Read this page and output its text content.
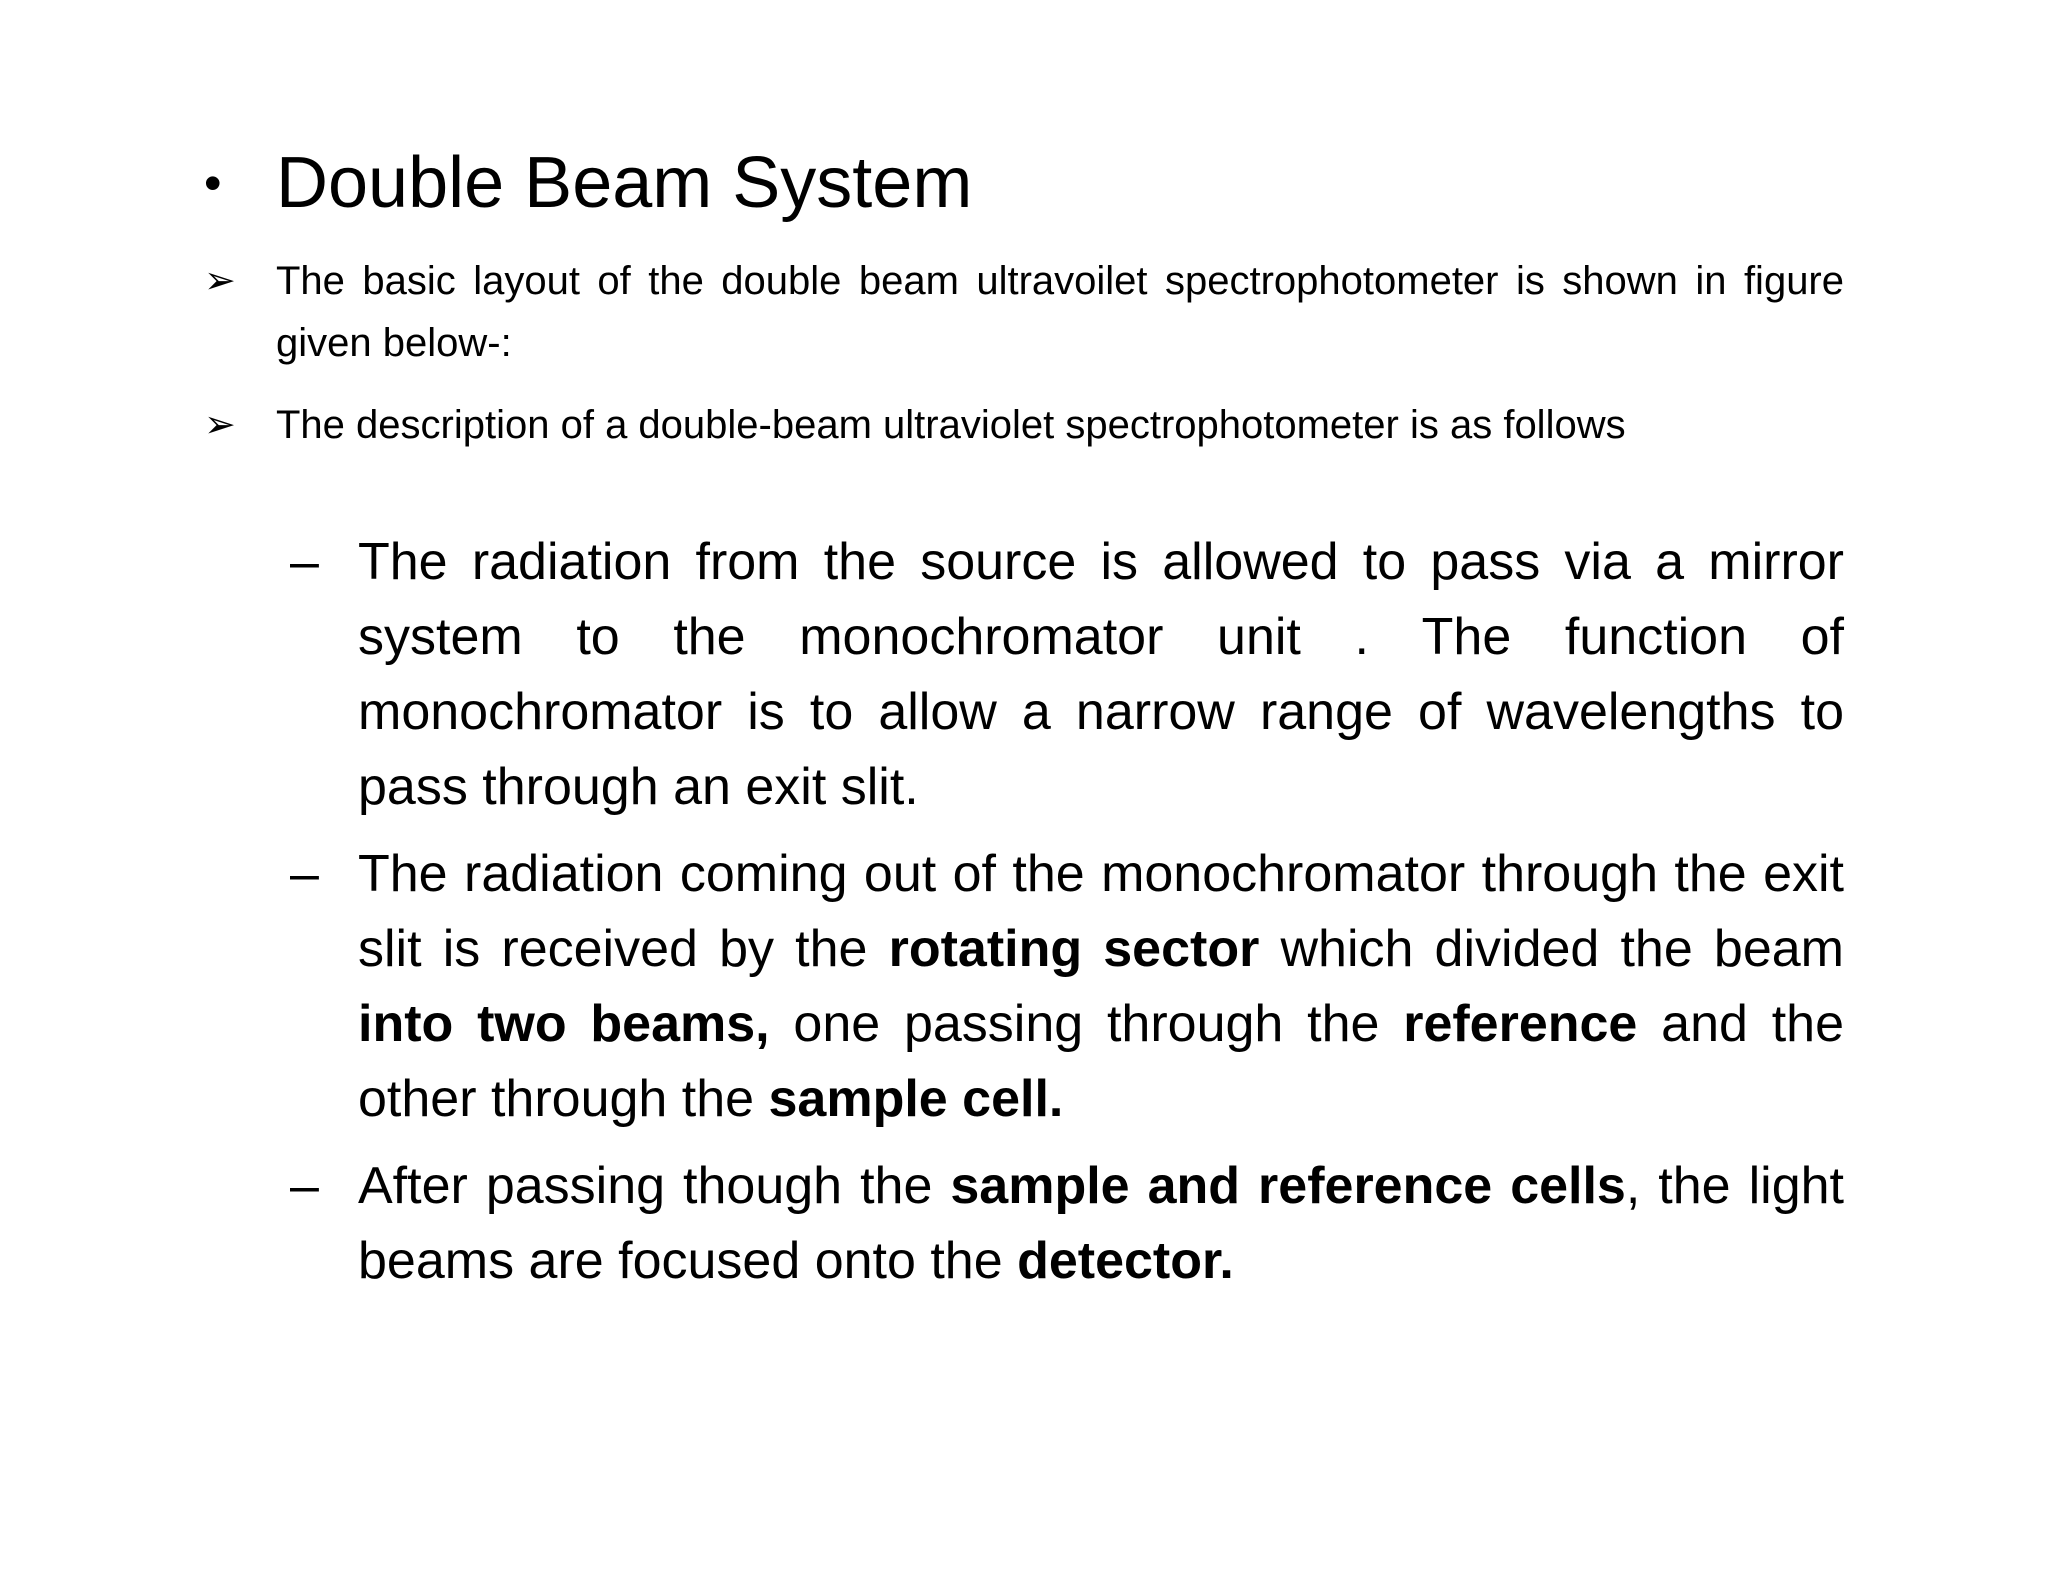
• Double Beam System
➢	The basic layout of the double beam ultravoilet spectrophotometer is shown in figure given below-:
➢	The description of a double-beam ultraviolet spectrophotometer is as follows
– The radiation from the source is allowed to pass via a mirror system to the monochromator unit . The function of monochromator is to allow a narrow range of wavelengths to pass through an exit slit.
– The radiation coming out of the monochromator through the exit slit is received by the rotating sector which divided the beam into two beams, one passing through the reference and the other through the sample cell.
– After passing though the sample and reference cells, the light beams are focused onto the detector.
